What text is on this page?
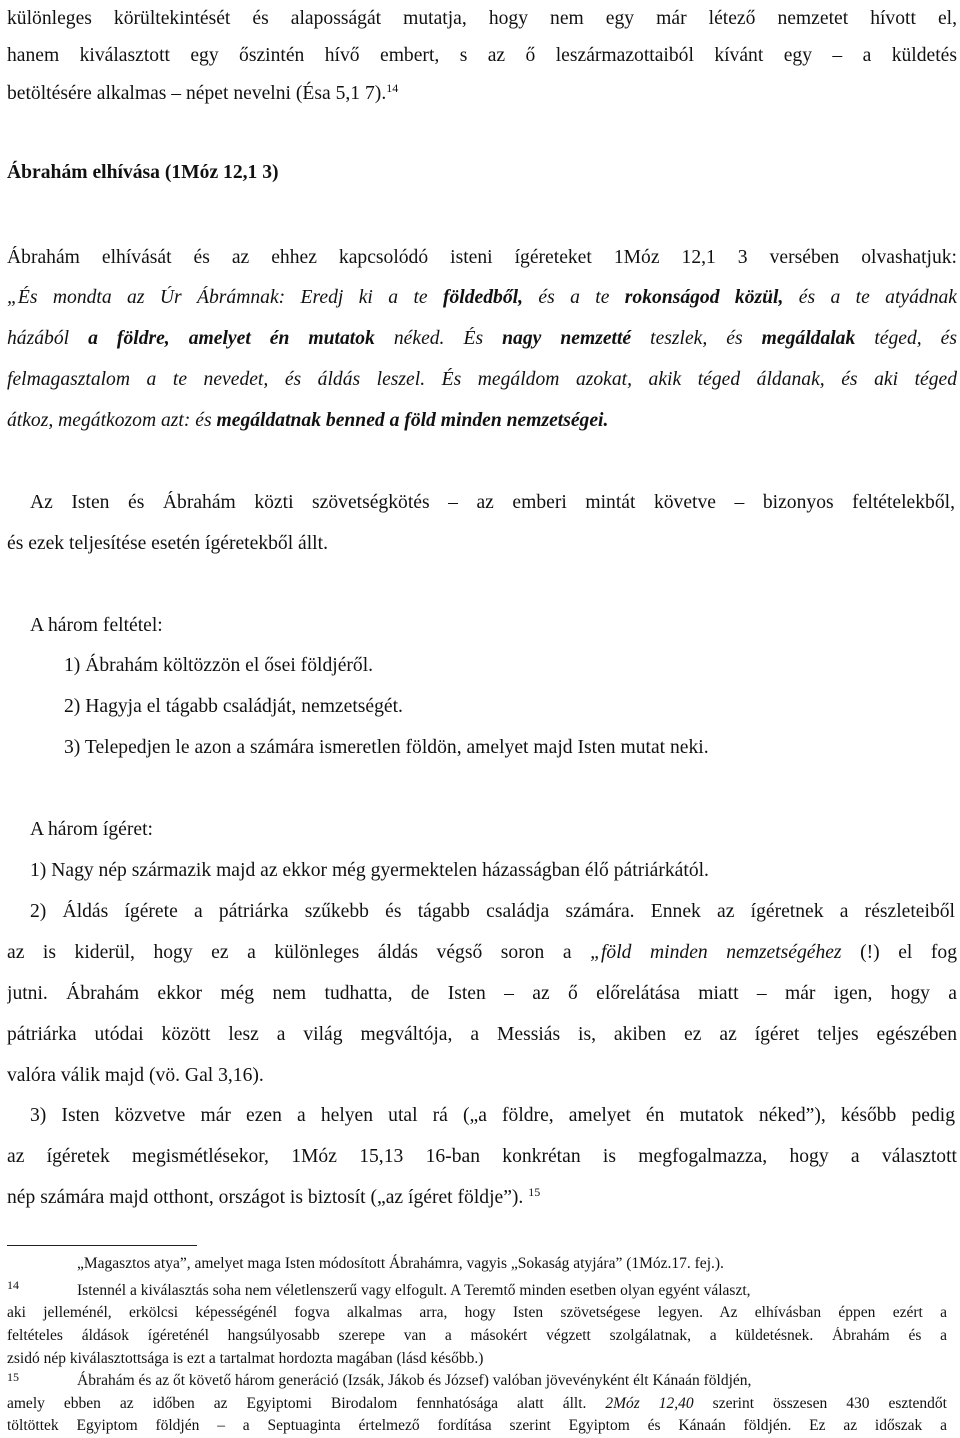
különleges körültekintését és alaposságát mutatja, hogy nem egy már létező nemzetet hívott el,
hanem kiválasztott egy őszintén hívő embert, s az ő leszármazottaiból kívánt egy – a küldetés
betöltésére alkalmas – népet nevelni (Ésa 5,1 7).$^{14}$
Ábrahám elhívása (1Móz 12,1 3)
Ábrahám elhívását és az ehhez kapcsolódó isteni ígéreteket 1Móz 12,1 3 versében olvashatjuk:
„És mondta az Úr Ábrámnak: Eredj ki a te földedből, és a te rokonságod közül, és a te atyádnak
házából a földre, amelyet én mutatok néked. És nagy nemzetté teszlek, és megáldalak téged, és
felmagasztalom a te nevedet, és áldás leszel. És megáldom azokat, akik téged áldanak, és aki téged
átkoz, megátkozom azt: és megáldatnak benned a föld minden nemzetségei.
Az Isten és Ábrahám közti szövetségkötés – az emberi mintát követve – bizonyos feltételekből,
és ezek teljesítése esetén ígéretekből állt.
A három feltétel:
1) Ábrahám költözzön el ősei földjéről.
2) Hagyja el tágabb családját, nemzetségét.
3) Telepedjen le azon a számára ismeretlen földön, amelyet majd Isten mutat neki.
A három ígéret:
1) Nagy nép származik majd az ekkor még gyermektelen házasságban élő pátriárkától.
2) Áldás ígérete a pátriárka szűkebb és tágabb családja számára. Ennek az ígéretnek a részleteiből
az is kiderül, hogy ez a különleges áldás végső soron a „föld minden nemzetségéhez (!) el fog
jutni. Ábrahám ekkor még nem tudhatta, de Isten – az ő előrelátása miatt – már igen, hogy a
pátriárka utódai között lesz a világ megváltója, a Messiás is, akiben ez az ígéret teljes egészében
valóra válik majd (vö. Gal 3,16).
3) Isten közvetve már ezen a helyen utal rá („a földre, amelyet én mutatok néked”), később pedig
az ígéretek megismétlésekor, 1Móz 15,13 16-ban konkrétan is megfogalmazza, hogy a választott
nép számára majd otthont, országot is biztosít („az ígéret földje”). $^{15}$
„Magasztos atya”, amelyet maga Isten módosított Ábrahámra, vagyis „Sokaság atyjára” (1Móz.17. fej.).
14	Istennél a kiválasztás soha nem véletlenszerű vagy elfogult. A Teremtő minden esetben olyan egyént választ,
aki jelleménél, erkölcsi képességénél fogva alkalmas arra, hogy Isten szövetségese legyen. Az elhívásban éppen ezért a
feltételes áldások ígéreténél hangsúlyosabb szerepe van a másokért végzett szolgálatnak, a küldetésnek. Ábrahám és a
zsidó nép kiválasztottsága is ezt a tartalmat hordozta magában (lásd később.)
15	Ábrahám és az őt követő három generáció (Izsák, Jákob és József) valóban jövevényként élt Kánaán földjén,
amely ebben az időben az Egyiptomi Birodalom fennhatósága alatt állt. 2Móz 12,40 szerint összesen 430 esztendőt
töltöttek Egyiptom földjén – a Septuaginta értelmező fordítása szerint Egyiptom és Kánaán földjén. Ez az időszak a
